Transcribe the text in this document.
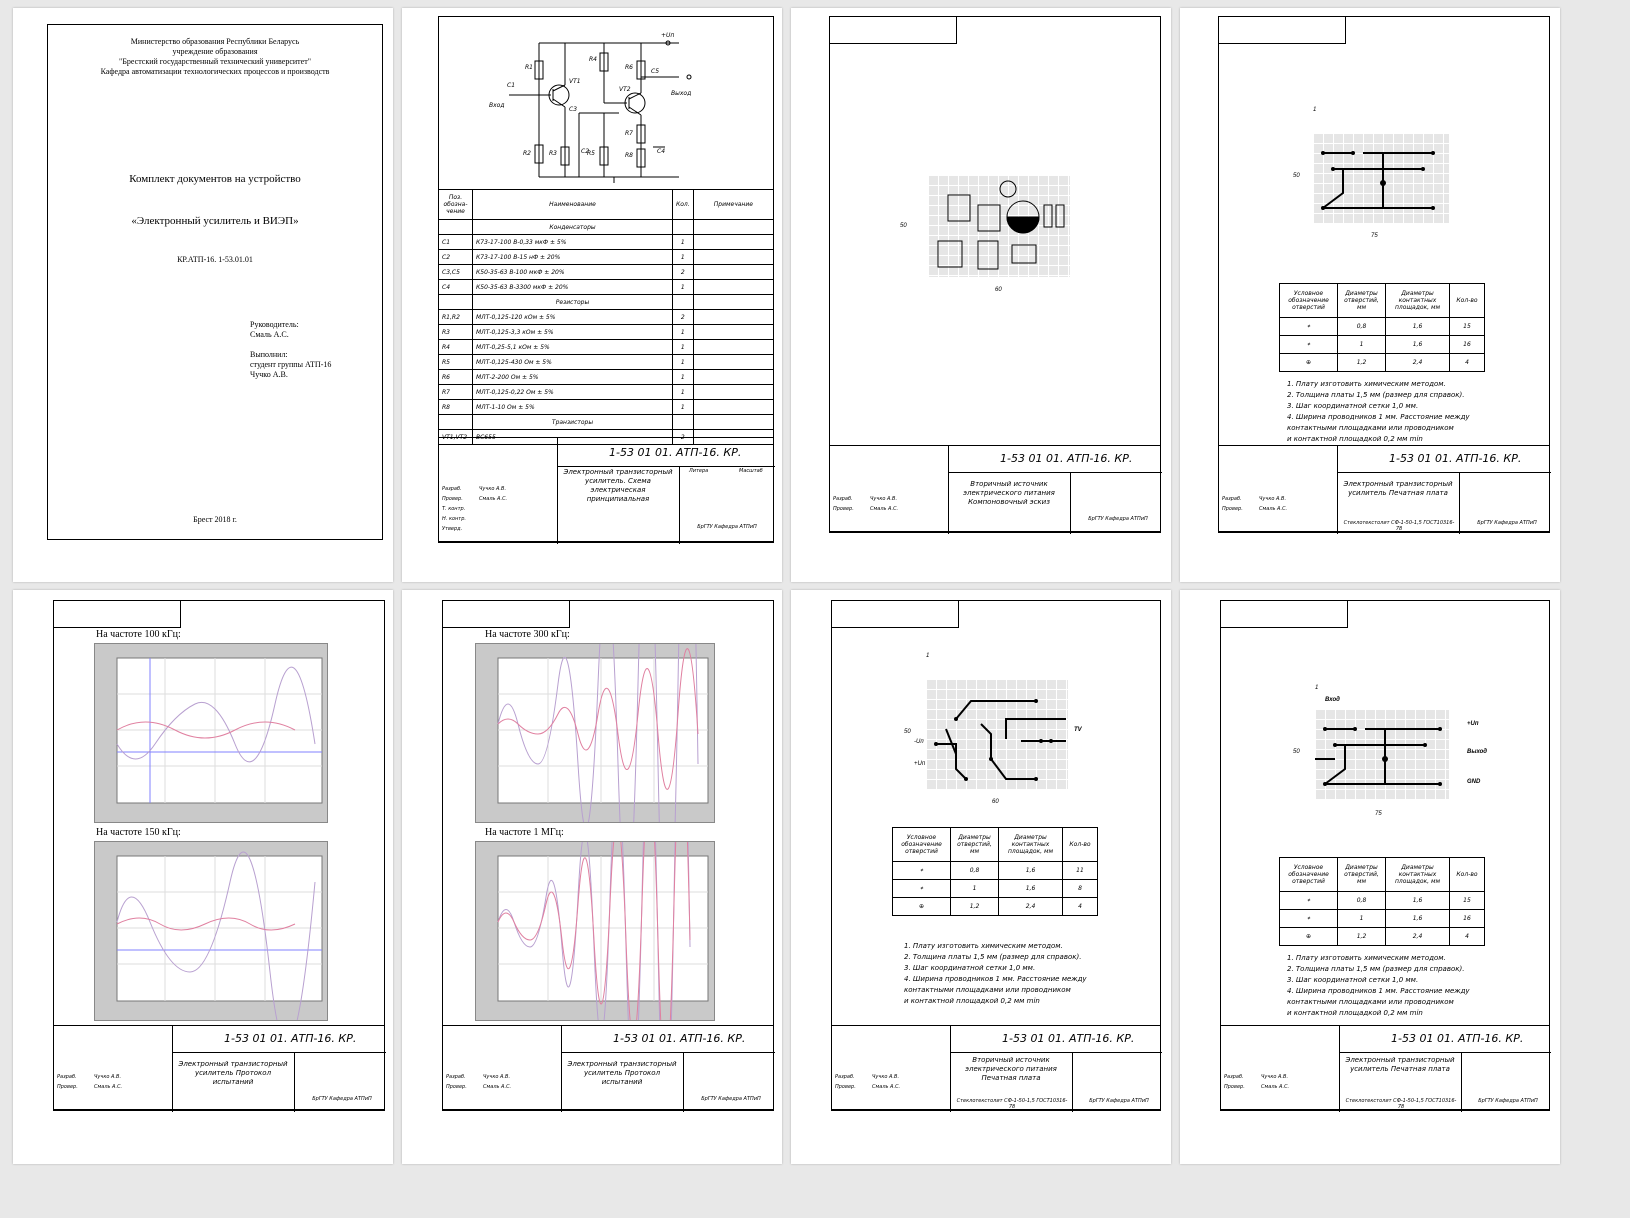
Министерство образования Республики Беларусь
учреждение образования
"Брестский государственный технический университет"
Кафедра автоматизации технологических процессов и производств
Комплект документов на устройство
«Электронный усилитель и ВИЭП»
КР.АТП-16. 1-53.01.01
Руководитель:
Смаль А.С.
Выполнил:
студент группы АТП-16
Чучко А.В.
Брест 2018 г.
R1
R2	R3
R4
R5
R6
R7
R8
C1
C2
C3
C4
C5
VT1
VT2
+Uп
Вход
Выход
Поз. обозна-чение	Наименование	Кол.	Примечание
	Конденсаторы		
C1	К73-17-100 В-0,33 мкФ ± 5%	1	
C2	К73-17-100 В-15 нФ ± 20%	1	
C3,C5	К50-35-63 В-100 мкФ ± 20%	2	
C4	К50-35-63 В-3300 мкФ ± 20%	1	
	Резисторы		
R1,R2	МЛТ-0,125-120 кОм ± 5%	2	
R3	МЛТ-0,125-3,3 кОм ± 5%	1	
R4	МЛТ-0,25-5,1 кОм ± 5%	1	
R5	МЛТ-0,125-430 Ом ± 5%	1	
R6	МЛТ-2-200 Ом ± 5%	1	
R7	МЛТ-0,125-0,22 Ом ± 5%	1	
R8	МЛТ-1-10 Ом ± 5%	1	
	Транзисторы		
VT1,VT2	BC655	2	
1-53 01 01. АТП-16. КР.
Электронный транзисторный усилитель. Схема электрическая принципиальная
БрГТУ Кафедра АТПиП
Разраб.
Провер.
Т. контр.
Н. контр.
Утверд.
Чучко А.В.
Смаль А.С.
Литера	Масштаб
50
60
1-53 01 01. АТП-16. КР.
Вторичный источник электрического питания Компоновочный эскиз
БрГТУ Кафедра АТПиП
Разраб.
Провер.
Чучко А.В.
Смаль А.С.
50
75
1
Условное обозначение отверстий	Диаметры отверстий, мм	Диаметры контактных площадок, мм	Кол-во
⌖	0,8	1,6	15
⌖	1	1,6	16
⊕	1,2	2,4	4
1. Плату изготовить химическим методом.
2. Толщина платы 1,5 мм (размер для справок).
3. Шаг координатной сетки 1,0 мм.
4. Ширина проводников 1 мм. Расстояние между
контактными площадками или проводником
и контактной площадкой 0,2 мм min
1-53 01 01. АТП-16. КР.
Электронный транзисторный усилитель Печатная плата
Стеклотекстолит СФ-1-50-1,5 ГОСТ10316-78
БрГТУ Кафедра АТПиП
Разраб.
Провер.
Чучко А.В.
Смаль А.С.
На частоте 100 кГц:
На частоте 150 кГц:
1-53 01 01. АТП-16. КР.
Электронный транзисторный усилитель Протокол испытаний
БрГТУ Кафедра АТПиП
Разраб.
Провер.
Чучко А.В.
Смаль А.С.
На частоте 300 кГц:
На частоте 1 МГц:
1-53 01 01. АТП-16. КР.
Электронный транзисторный усилитель Протокол испытаний
БрГТУ Кафедра АТПиП
Разраб.
Провер.
Чучко А.В.
Смаль А.С.
TV
-Uп
+Uп
50
60
1
Условное обозначение отверстий	Диаметры отверстий, мм	Диаметры контактных площадок, мм	Кол-во
⌖	0,8	1,6	11
⌖	1	1,6	8
⊕	1,2	2,4	4
1. Плату изготовить химическим методом.
2. Толщина платы 1,5 мм (размер для справок).
3. Шаг координатной сетки 1,0 мм.
4. Ширина проводников 1 мм. Расстояние между
контактными площадками или проводником
и контактной площадкой 0,2 мм min
1-53 01 01. АТП-16. КР.
Вторичный источник электрического питания Печатная плата
Стеклотекстолит СФ-1-50-1,5 ГОСТ10316-78
БрГТУ Кафедра АТПиП
Разраб.
Провер.
Чучко А.В.
Смаль А.С.
Вход
+Uп
Выход
GND
50
75
1
Условное обозначение отверстий	Диаметры отверстий, мм	Диаметры контактных площадок, мм	Кол-во
⌖	0,8	1,6	15
⌖	1	1,6	16
⊕	1,2	2,4	4
1. Плату изготовить химическим методом.
2. Толщина платы 1,5 мм (размер для справок).
3. Шаг координатной сетки 1,0 мм.
4. Ширина проводников 1 мм. Расстояние между
контактными площадками или проводником
и контактной площадкой 0,2 мм min
1-53 01 01. АТП-16. КР.
Электронный транзисторный усилитель Печатная плата
Стеклотекстолит СФ-1-50-1,5 ГОСТ10316-78
БрГТУ Кафедра АТПиП
Разраб.
Провер.
Чучко А.В.
Смаль А.С.
